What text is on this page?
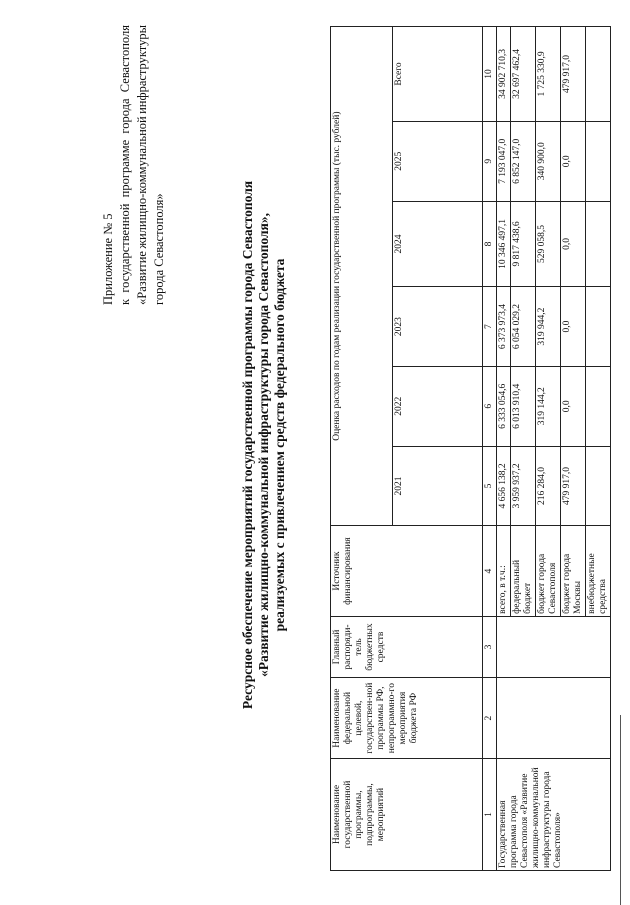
Приложение № 5 к
государственной
программе
города
Севастополя
«Развитие
жилищно-коммунальной
инфраструктуры
города Севастополя»	Ресурсное обеспечение мероприятий государственной программы города Севастополя «Развитие жилищно-коммунальной инфраструктуры города Севастополя», реализуемых с привлечением средств федерального бюджета
Наименование государственной программы, подпрограммы, мероприятий	Наименование федеральной целевой, государствен-ной программы РФ, непрограммно-го мероприятия бюджета РФ	Главный распоряди-тель бюджетных средств	Источник финансирования	Оценка расходов по годам реализации государственной программы (тыс. рублей)					
				2021	2022	2023	2024	2025	Всего
1	2	3	4	5	6	7	8	9	10
Государственная программа города Севастополя «Развитие жилищно-коммунальной инфраструктуры города Севастополя»			всего, в т.ч.:	4 656 138,2	6 333 054,6	6 373 973,4	10 346 497,1	7 193 047,0	34 902 710,3
			федеральный бюджет	3 959 937,2	6 013 910,4	6 054 029,2	9 817 438,6	6 852 147,0	32 697 462,4
			бюджет города Севастополя	216 284,0	319 144,2	319 944,2	529 058,5	340 900,0	1 725 330,9
			бюджет города Москвы	479 917,0	0,0	0,0	0,0	0,0	479 917,0
			внебюджетные средства						
